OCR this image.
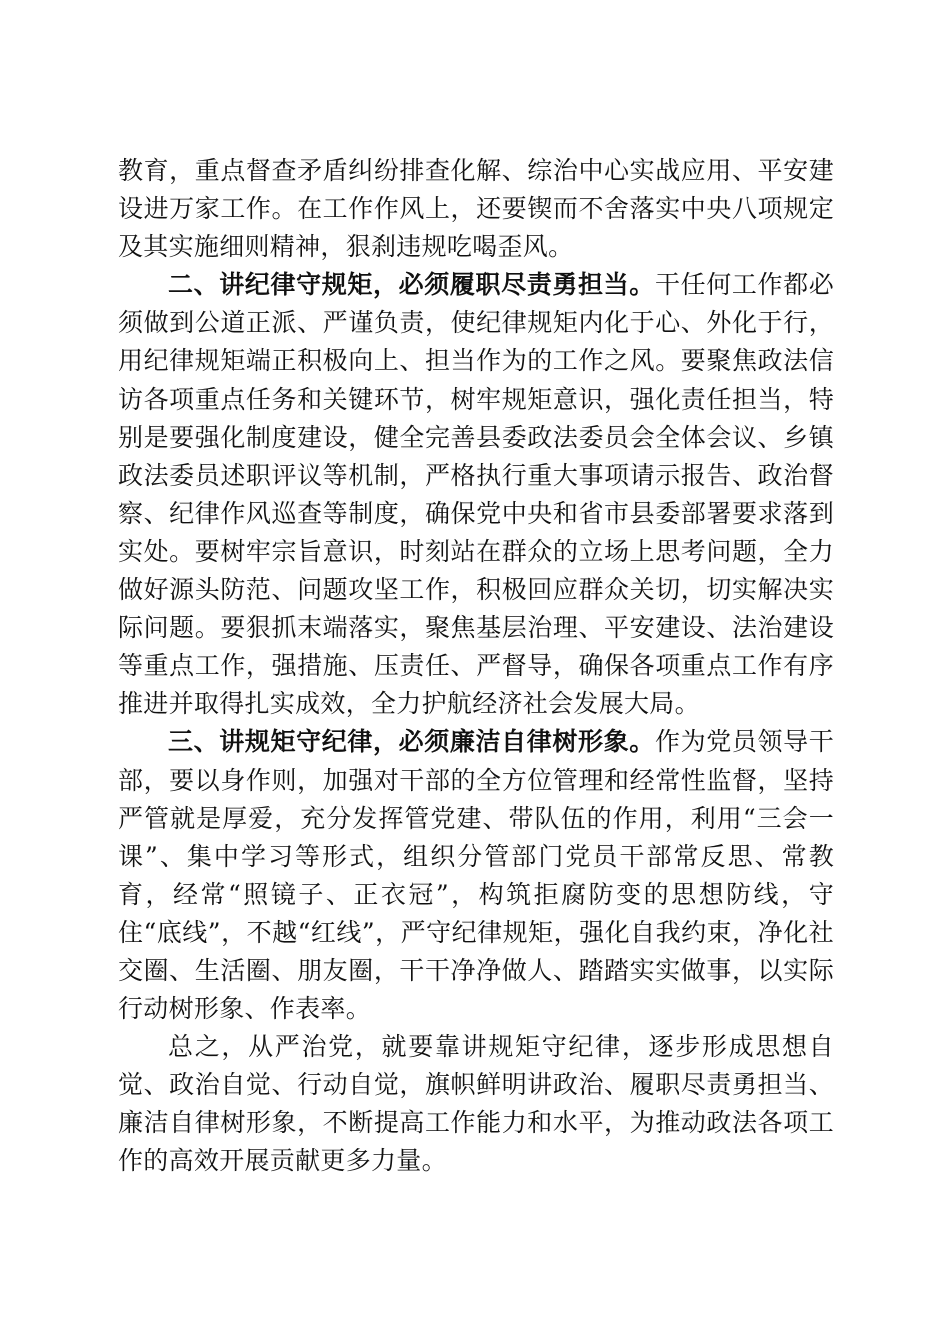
教育，重点督查矛盾纠纷排查化解、综治中心实战应用、平安建设进万家工作。在工作作风上，还要锲而不舍落实中央八项规定及其实施细则精神，狠刹违规吃喝歪风。

二、讲纪律守规矩，必须履职尽责勇担当。干任何工作都必须做到公道正派、严谨负责，使纪律规矩内化于心、外化于行，用纪律规矩端正积极向上、担当作为的工作之风。要聚焦政法信访各项重点任务和关键环节，树牢规矩意识，强化责任担当，特别是要强化制度建设，健全完善县委政法委员会全体会议、乡镇政法委员述职评议等机制，严格执行重大事项请示报告、政治督察、纪律作风巡查等制度，确保党中央和省市县委部署要求落到实处。要树牢宗旨意识，时刻站在群众的立场上思考问题，全力做好源头防范、问题攻坚工作，积极回应群众关切，切实解决实际问题。要狠抓末端落实，聚焦基层治理、平安建设、法治建设等重点工作，强措施、压责任、严督导，确保各项重点工作有序推进并取得扎实成效，全力护航经济社会发展大局。

三、讲规矩守纪律，必须廉洁自律树形象。作为党员领导干部，要以身作则，加强对干部的全方位管理和经常性监督，坚持严管就是厚爱，充分发挥管党建、带队伍的作用，利用“三会一课”、集中学习等形式，组织分管部门党员干部常反思、常教育，经常“照镜子、正衣冠”，构筑拒腐防变的思想防线，守住“底线”，不越“红线”，严守纪律规矩，强化自我约束，净化社交圈、生活圈、朋友圈，干干净净做人、踏踏实实做事，以实际行动树形象、作表率。

总之，从严治党，就要靠讲规矩守纪律，逐步形成思想自觉、政治自觉、行动自觉，旗帜鲜明讲政治、履职尽责勇担当、廉洁自律树形象，不断提高工作能力和水平，为推动政法各项工作的高效开展贡献更多力量。
